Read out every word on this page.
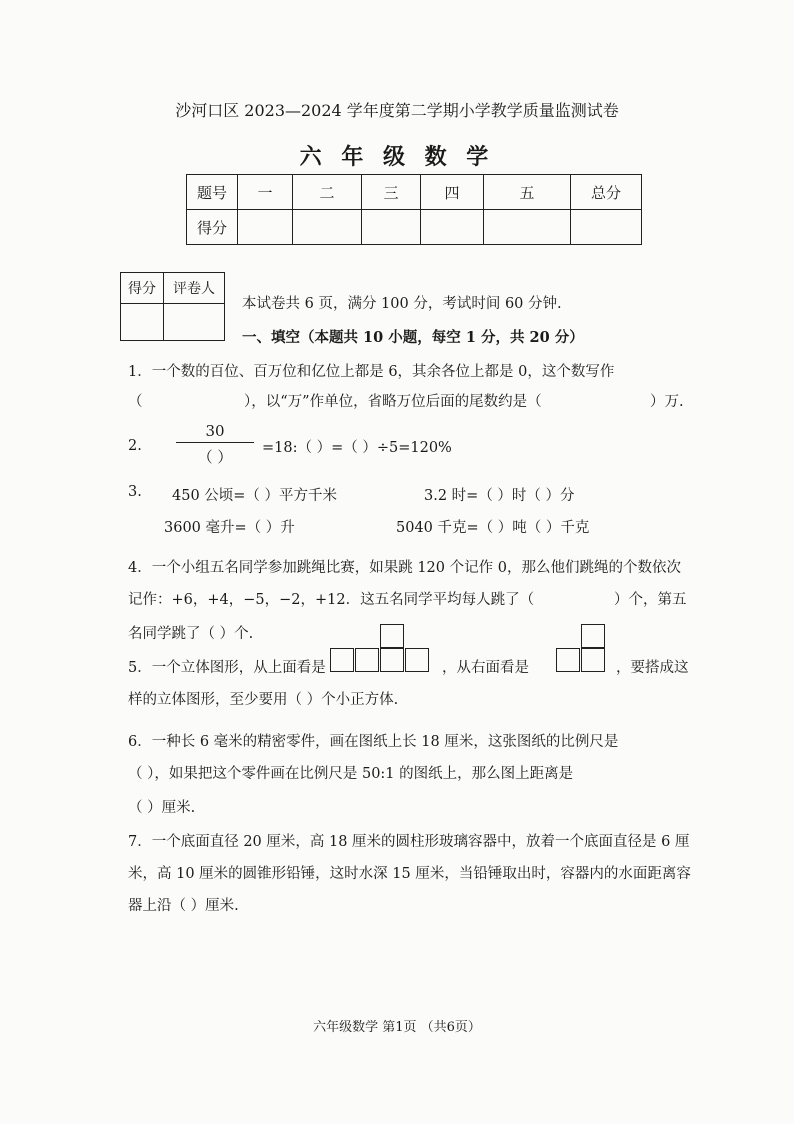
沙河口区 2023—2024 学年度第二学期小学教学质量监测试卷
六 年 级 数 学
题号	一	二	三	四	五	总分
得分						
得分	评卷人

本试卷共 6 页，满分 100 分，考试时间 60 分钟.
一、填空（本题共 10 小题，每空 1 分，共 20 分）
1．一个数的百位、百万位和亿位上都是 6，其余各位上都是 0，这个数写作
（	），以“万”作单位，省略万位后面的尾数约是（	）万.
2.
30
（ ）	=18:（ ）=（ ）÷5=120%
3. 450 公顷=（ ）平方千米	3.2 时=（ ）时（ ）分
3600 毫升=（ ）升	5040 千克=（ ）吨（ ）千克
4．一个小组五名同学参加跳绳比赛，如果跳 120 个记作 0，那么他们跳绳的个数依次
记作：+6，+4，−5，−2，+12．这五名同学平均每人跳了（	）个，第五
名同学跳了（ ）个.
5．一个立体图形，从上面看是	，从右面看是	，要搭成这
样的立体图形，至少要用（ ）个小正方体.
6．一种长 6 毫米的精密零件，画在图纸上长 18 厘米，这张图纸的比例尺是
（ ），如果把这个零件画在比例尺是 50:1 的图纸上，那么图上距离是
（ ）厘米.
7．一个底面直径 20 厘米，高 18 厘米的圆柱形玻璃容器中，放着一个底面直径是 6 厘
米，高 10 厘米的圆锥形铅锤，这时水深 15 厘米，当铅锤取出时，容器内的水面距离容
器上沿（ ）厘米.
六年级数学 第1页 （共6页）
